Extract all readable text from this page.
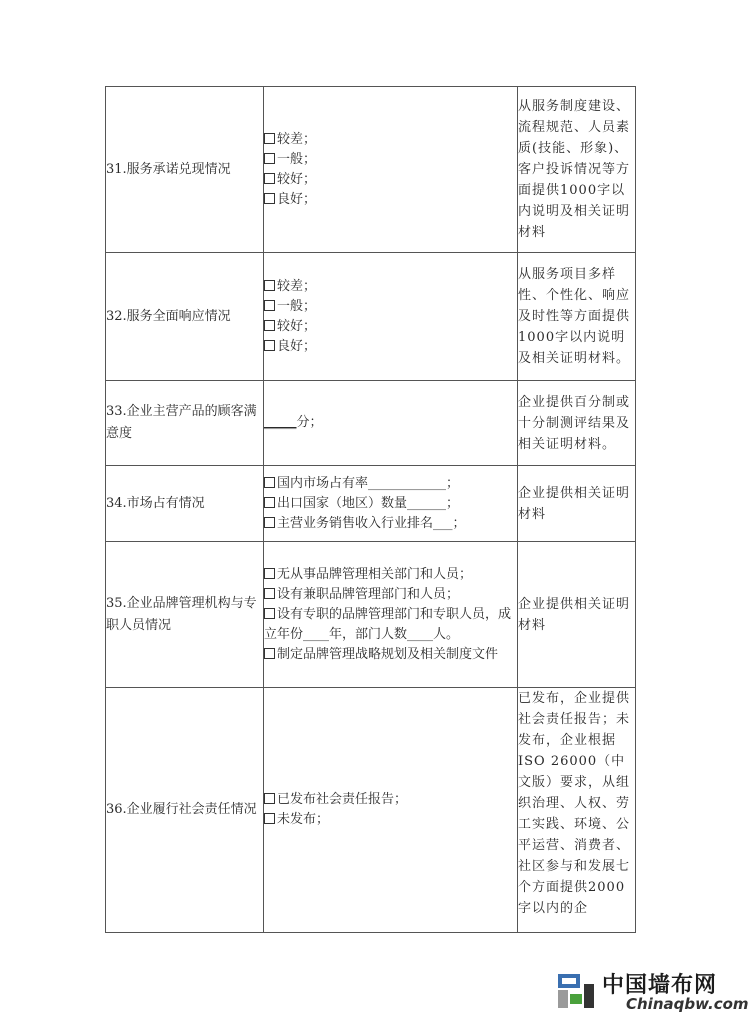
31.服务承诺兑现情况	较差；
一般；
较好；
良好；	从服务制度建设、流程规范、人员素质(技能、形象)、客户投诉情况等方面提供1000字以内说明及相关证明材料
32.服务全面响应情况	较差；
一般；
较好；
良好；	从服务项目多样性、个性化、响应及时性等方面提供1000字以内说明及相关证明材料。
33.企业主营产品的顾客满意度	_____分；	企业提供百分制或十分制测评结果及相关证明材料。
34.市场占有情况	国内市场占有率____________；
出口国家（地区）数量______；
主营业务销售收入行业排名___；	企业提供相关证明材料
35.企业品牌管理机构与专职人员情况	无从事品牌管理相关部门和人员；
设有兼职品牌管理部门和人员；
设有专职的品牌管理部门和专职人员，成立年份____年，部门人数____人。
制定品牌管理战略规划及相关制度文件	企业提供相关证明材料
36.企业履行社会责任情况	已发布社会责任报告；
未发布；	已发布，企业提供社会责任报告；未发布，企业根据ISO 26000（中文版）要求，从组织治理、人权、劳工实践、环境、公平运营、消费者、社区参与和发展七个方面提供2000字以内的企
中国墙布网
Chinaqbw.com
